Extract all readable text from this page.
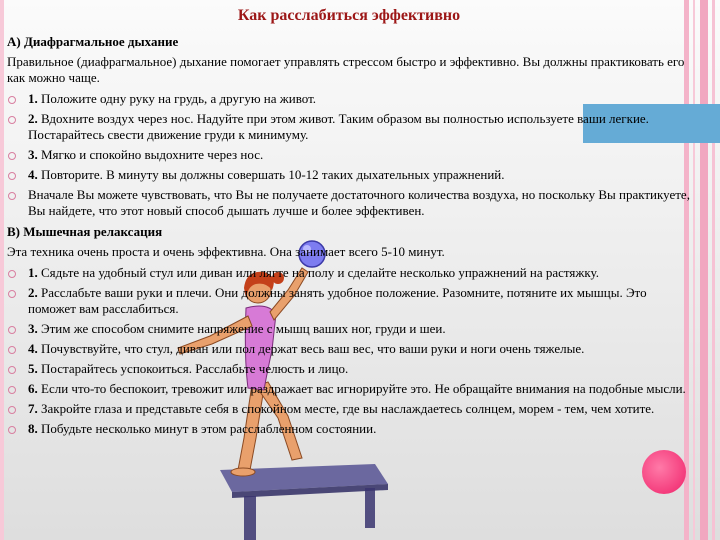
Как расслабиться эффективно
А) Диафрагмальное дыхание
Правильное (диафрагмальное) дыхание помогает управлять стрессом быстро и эффективно. Вы должны практиковать его как можно чаще.
1. Положите одну руку на грудь, а другую на живот.
2. Вдохните воздух через нос. Надуйте при этом живот. Таким образом вы полностью используете ваши легкие. Постарайтесь свести движение груди к минимуму.
3. Мягко и спокойно выдохните через нос.
4. Повторите. В минуту вы должны совершать 10-12 таких дыхательных упражнений.
Вначале Вы можете чувствовать, что Вы не получаете достаточного количества воздуха, но поскольку Вы практикуете, Вы найдете, что этот новый способ дышать лучше и более эффективен.
В) Мышечная релаксация
Эта техника очень проста и очень эффективна. Она занимает всего 5-10 минут.
1. Сядьте на удобный стул или диван или лягте на полу и сделайте несколько упражнений на растяжку.
2. Расслабьте ваши руки и плечи. Они должны занять удобное положение. Разомните, потяните их мышцы. Это поможет вам расслабиться.
3. Этим же способом снимите напряжение с мышц ваших ног, груди и шеи.
4. Почувствуйте, что стул, диван или пол держат весь ваш вес, что ваши руки и ноги очень тяжелые.
5. Постарайтесь успокоиться. Расслабьте челюсть и лицо.
6. Если что-то беспокоит, тревожит или раздражает вас игнорируйте это. Не обращайте внимания на подобные мысли.
7. Закройте глаза и представьте себя в спокойном месте, где вы наслаждаетесь солнцем, морем - тем, чем хотите.
8. Побудьте несколько минут в этом расслабленном состоянии.
